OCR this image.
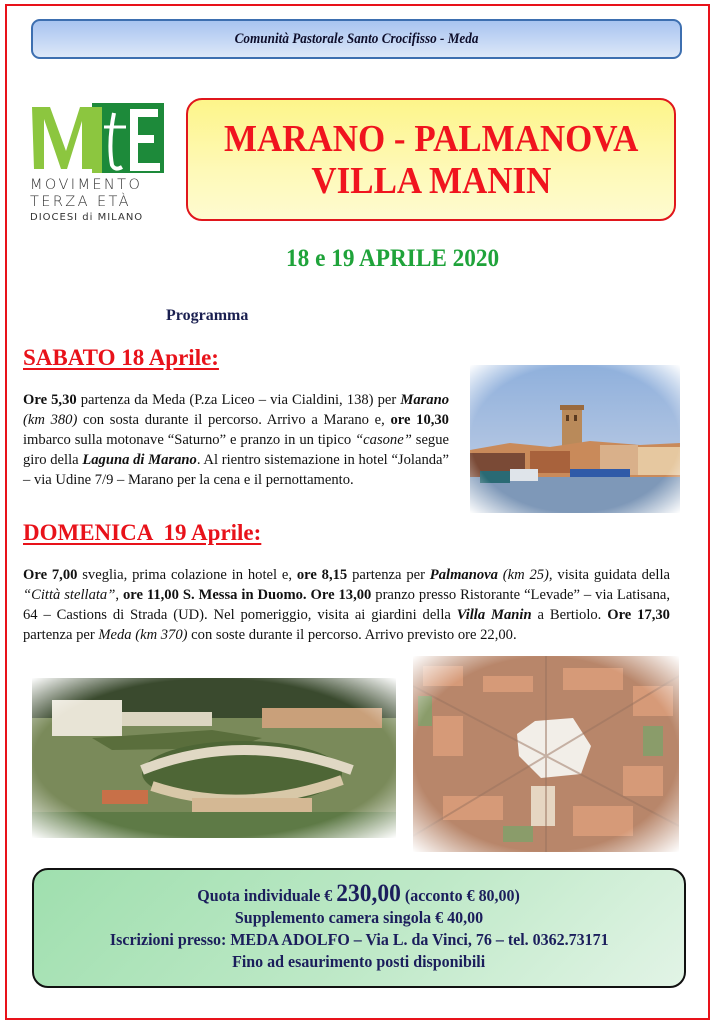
Comunità Pastorale Santo Crocifisso - Meda
MOVIMENTO
TERZA ETÀ
DIOCESI di MILANO
MARANO - PALMANOVA
VILLA MANIN
18 e 19 APRILE 2020
Programma
SABATO 18 Aprile:
Ore 5,30 partenza da Meda (P.za Liceo – via Cialdini, 138) per Marano (km 380) con sosta durante il percorso. Arrivo a Marano e, ore 10,30 imbarco sulla motonave “Saturno” e pranzo in un tipico “casone” segue giro della Laguna di Marano. Al rientro sistemazione in hotel “Jolanda” – via Udine 7/9 – Marano per la cena e il pernottamento.
DOMENICA  19 Aprile:
Ore 7,00 sveglia, prima colazione in hotel e, ore 8,15 partenza per Palmanova (km 25), visita guidata della “Città stellata”, ore 11,00 S. Messa in Duomo. Ore 13,00 pranzo presso Ristorante “Levade” – via Latisana, 64 – Castions di Strada (UD). Nel pomeriggio, visita ai giardini della Villa Manin a Bertiolo. Ore 17,30 partenza per Meda (km 370) con soste durante il percorso. Arrivo previsto ore 22,00.
Quota individuale € 230,00 (acconto € 80,00)
Supplemento camera singola € 40,00
Iscrizioni presso: MEDA ADOLFO – Via L. da Vinci, 76 – tel. 0362.73171
Fino ad esaurimento posti disponibili
